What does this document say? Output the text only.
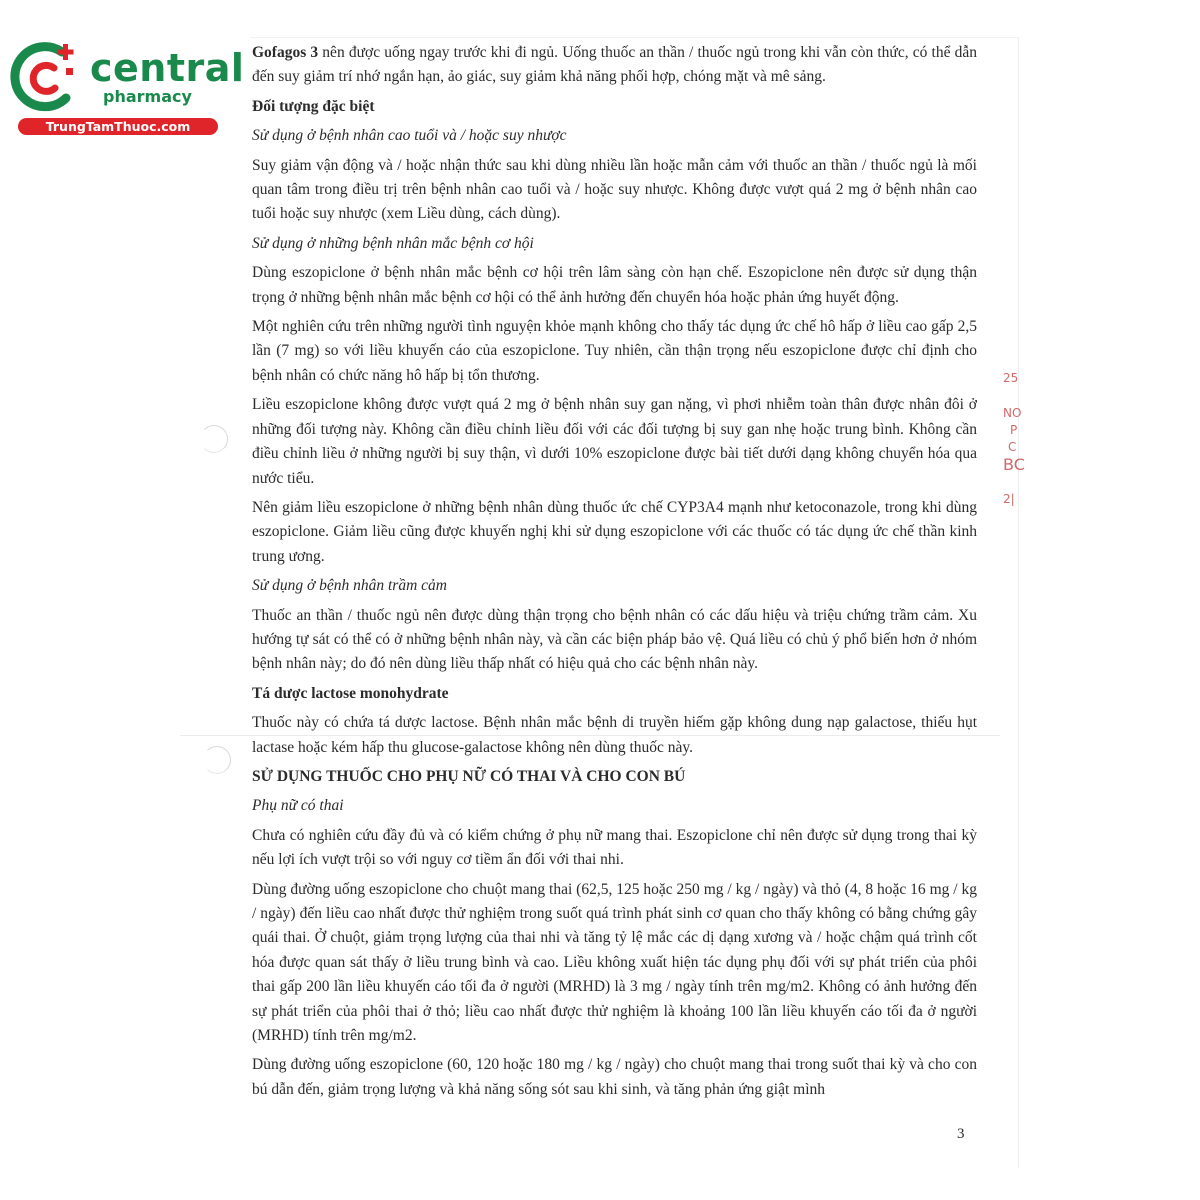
central
pharmacy
TrungTamThuoc.com
25
NO
P
C
BC
2|

Gofagos 3 nên được uống ngay trước khi đi ngủ. Uống thuốc an thần / thuốc ngủ trong khi vẫn còn thức, có thể dẫn đến suy giảm trí nhớ ngắn hạn, ảo giác, suy giảm khả năng phối hợp, chóng mặt và mê sảng.

Đối tượng đặc biệt

Sử dụng ở bệnh nhân cao tuổi và / hoặc suy nhược

Suy giảm vận động và / hoặc nhận thức sau khi dùng nhiều lần hoặc mẫn cảm với thuốc an thần / thuốc ngủ là mối quan tâm trong điều trị trên bệnh nhân cao tuổi và / hoặc suy nhược. Không được vượt quá 2 mg ở bệnh nhân cao tuổi hoặc suy nhược (xem Liều dùng, cách dùng).

Sử dụng ở những bệnh nhân mắc bệnh cơ hội

Dùng eszopiclone ở bệnh nhân mắc bệnh cơ hội trên lâm sàng còn hạn chế. Eszopiclone nên được sử dụng thận trọng ở những bệnh nhân mắc bệnh cơ hội có thể ảnh hưởng đến chuyển hóa hoặc phản ứng huyết động.

Một nghiên cứu trên những người tình nguyện khỏe mạnh không cho thấy tác dụng ức chế hô hấp ở liều cao gấp 2,5 lần (7 mg) so với liều khuyến cáo của eszopiclone. Tuy nhiên, cần thận trọng nếu eszopiclone được chỉ định cho bệnh nhân có chức năng hô hấp bị tổn thương.

Liều eszopiclone không được vượt quá 2 mg ở bệnh nhân suy gan nặng, vì phơi nhiễm toàn thân được nhân đôi ở những đối tượng này. Không cần điều chỉnh liều đối với các đối tượng bị suy gan nhẹ hoặc trung bình. Không cần điều chỉnh liều ở những người bị suy thận, vì dưới 10% eszopiclone được bài tiết dưới dạng không chuyển hóa qua nước tiểu.

Nên giảm liều eszopiclone ở những bệnh nhân dùng thuốc ức chế CYP3A4 mạnh như ketoconazole, trong khi dùng eszopiclone. Giảm liều cũng được khuyến nghị khi sử dụng eszopiclone với các thuốc có tác dụng ức chế thần kinh trung ương.

Sử dụng ở bệnh nhân trầm cảm

Thuốc an thần / thuốc ngủ nên được dùng thận trọng cho bệnh nhân có các dấu hiệu và triệu chứng trầm cảm. Xu hướng tự sát có thể có ở những bệnh nhân này, và cần các biện pháp bảo vệ. Quá liều có chủ ý phổ biến hơn ở nhóm bệnh nhân này; do đó nên dùng liều thấp nhất có hiệu quả cho các bệnh nhân này.

Tá dược lactose monohydrate

Thuốc này có chứa tá dược lactose. Bệnh nhân mắc bệnh di truyền hiếm gặp không dung nạp galactose, thiếu hụt lactase hoặc kém hấp thu glucose-galactose không nên dùng thuốc này.

SỬ DỤNG THUỐC CHO PHỤ NỮ CÓ THAI VÀ CHO CON BÚ

Phụ nữ có thai

Chưa có nghiên cứu đầy đủ và có kiểm chứng ở phụ nữ mang thai. Eszopiclone chỉ nên được sử dụng trong thai kỳ nếu lợi ích vượt trội so với nguy cơ tiềm ẩn đối với thai nhi.

Dùng đường uống eszopiclone cho chuột mang thai (62,5, 125 hoặc 250 mg / kg / ngày) và thỏ (4, 8 hoặc 16 mg / kg / ngày) đến liều cao nhất được thử nghiệm trong suốt quá trình phát sinh cơ quan cho thấy không có bằng chứng gây quái thai. Ở chuột, giảm trọng lượng của thai nhi và tăng tỷ lệ mắc các dị dạng xương và / hoặc chậm quá trình cốt hóa được quan sát thấy ở liều trung bình và cao. Liều không xuất hiện tác dụng phụ đối với sự phát triển của phôi thai gấp 200 lần liều khuyến cáo tối đa ở người (MRHD) là 3 mg / ngày tính trên mg/m2. Không có ảnh hưởng đến sự phát triển của phôi thai ở thỏ; liều cao nhất được thử nghiệm là khoảng 100 lần liều khuyến cáo tối đa ở người (MRHD) tính trên mg/m2.

Dùng đường uống eszopiclone (60, 120 hoặc 180 mg / kg / ngày) cho chuột mang thai trong suốt thai kỳ và cho con bú dẫn đến, giảm trọng lượng và khả năng sống sót sau khi sinh, và tăng phản ứng giật mình

3
